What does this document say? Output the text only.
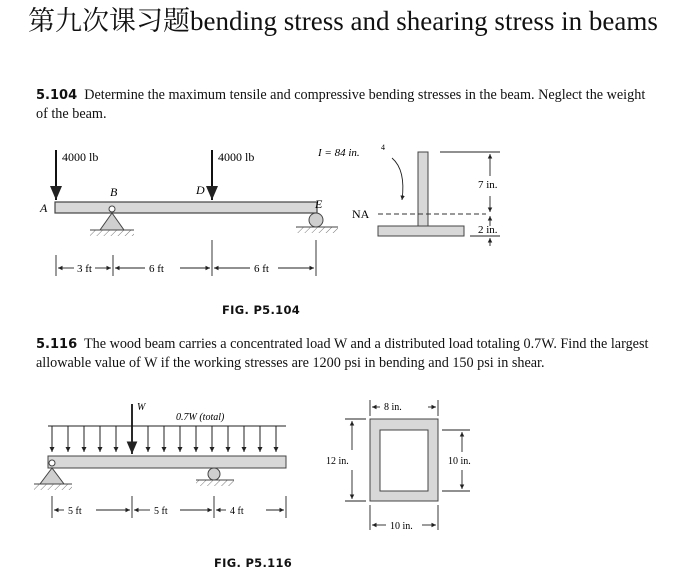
第九次课习题bending stress and shearing stress in beams
5.104 Determine the maximum tensile and compressive bending stresses in the beam. Neglect the weight of the beam.
4000 lb	4000 lb
A
B	D
E
3 ft	6 ft	6 ft
I = 84 in.	4
NA
7 in.
2 in.
W
0.7W (total)
5 ft	5 ft	4 ft
8 in.
12 in.	10 in.
10 in.
FIG. P5.104
5.116 The wood beam carries a concentrated load W and a distributed load totaling 0.7W. Find the largest allowable value of W if the working stresses are 1200 psi in bending and 150 psi in shear.
FIG. P5.116
